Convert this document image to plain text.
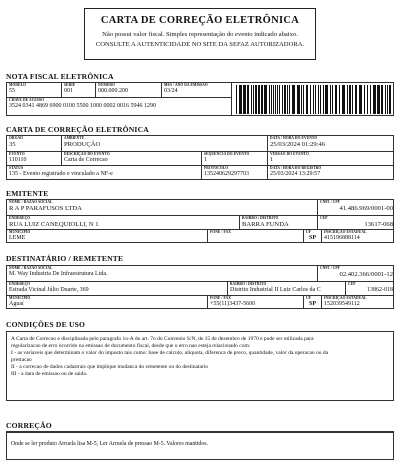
CARTA DE CORREÇÃO ELETRÔNICA
Não possui valor fiscal. Simples representação do evento indicado abaixo.
CONSULTE A AUTENTICIDADE NO SITE DA SEFAZ AUTORIZADORA.
NOTA FISCAL ELETRÔNICA
MODELO
55
SÉRIE
001
NÚMERO
000.000.200
MÊS / ANO DA EMISSÃO
03/24
CHAVE DE ACESSO
3524 0341 4869 6900 0100 5500 1000 0002 0016 5946 1290
CARTA DE CORREÇÃO ELETRÔNICA
ÓRGÃO
35
AMBIENTE
PRODUÇÃO
DATA / HORA DO EVENTO
25/03/2024 01:29:46
EVENTO
110110
DESCRIÇÃO DO EVENTO
Carta de Correcao
SEQUÊNCIA DO EVENTO
1
VERSÃO DO EVENTO
1
STATUS
135 - Evento registrado e vinculado a NF-e
PROTOCOLO
135240629297703
DATA / HORA DO REGISTRO
25/03/2024 13:29:57
EMITENTE
NOME / RAZÃO SOCIAL
R A P PARAFUSOS LTDA
CNPJ / CPF
41.486.969/0001-00
ENDEREÇO
RUA LUIZ CANEQUIOLLI, N 1
BAIRRO / DISTRITO
BARRA FUNDA
CEP
13617-068
MUNICÍPIO
LEME
FONE / FAX	UF
SP
INSCRIÇÃO ESTADUAL
415196888114
DESTINATÁRIO / REMETENTE
NOME / RAZÃO SOCIAL
M. Way Industria De Infraestrutura Ltda.
CNPJ / CPF
02.402.366/0001-12
ENDEREÇO
Estrada Vicinal Júlio Duarte, 369
BAIRRO / DISTRITO
Distrito Industrial II Luiz Carlos da C
CEP
13862-018
MUNICÍPIO
Aguaí
FONE / FAX
+55(11)3437-5600
UF
SP
INSCRIÇÃO ESTADUAL
152039549112
CONDIÇÕES DE USO
A Carta de Correcao e disciplinada pelo paragrafo 1o-A do art. 7o do Convenio S/N, de 15 de dezembro de 1970 e pode ser utilizada para
regularizacao de erro ocorrido na emissao de documento fiscal, desde que o erro nao esteja relacionado com:
I - as variaveis que determinam o valor do imposto tais como: base de calculo, aliquota, diferenca de preco, quantidade, valor da operacao ou da
prestacao
II - a correcao de dados cadastrais que implique mudanca do remetente ou do destinatario
III - a data de emissao ou de saida.
CORREÇÃO
Onde se ler produto Arruela lisa M-5, Ler Arruela de pressao M-5. Valores mantidos.
